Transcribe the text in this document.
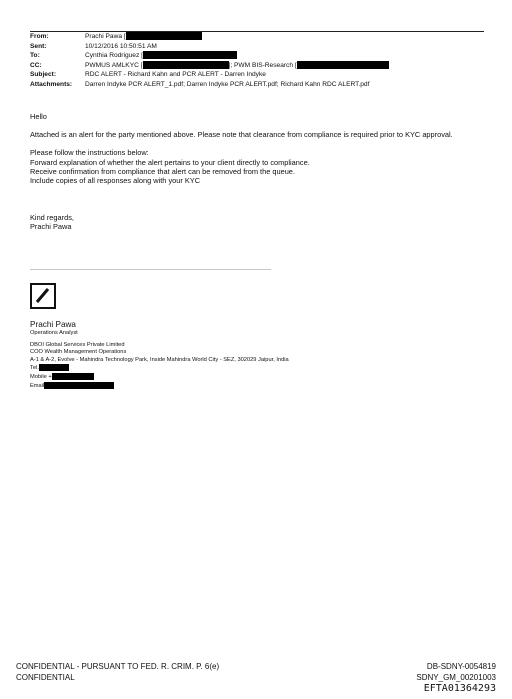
From:	Prachi Pawa [
Sent:	10/12/2016 10:50:51 AM
To:	Cynthia Rodriguez [
CC:	PWMUS AMLKYC [	]; PWM BIS-Research [
Subject:	RDC ALERT - Richard Kahn and PCR ALERT - Darren Indyke
Attachments: Darren Indyke PCR ALERT_1.pdf; Darren Indyke PCR ALERT.pdf; Richard Kahn RDC ALERT.pdf

Hello

Attached is an alert for the party mentioned above. Please note that clearance from compliance is required prior to KYC approval.

Please follow the instructions below:

Forward explanation of whether the alert pertains to your client directly to compliance.

Receive confirmation from compliance that alert can be removed from the queue.

Include copies of all responses along with your KYC

Kind regards,

Prachi Pawa

Prachi Pawa
Operations Analyst
DBOI Global Services Private Limited
COO Wealth Management Operations
A-1 & A-2, Evolve - Mahindra Technology Park, Inside Mahindra World City - SEZ, 302029 Jaipur, India
Tel.
Mobile +
Email
CONFIDENTIAL - PURSUANT TO FED. R. CRIM. P. 6(e)
CONFIDENTIAL
DB-SDNY-0054819
SDNY_GM_00201003
EFTA01364293
